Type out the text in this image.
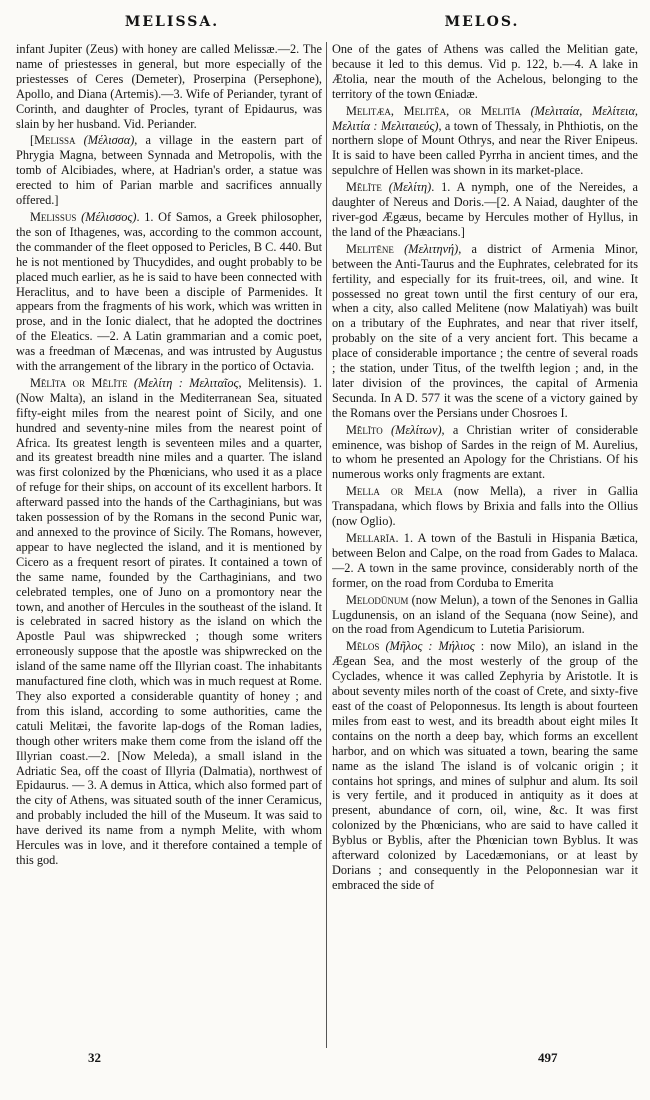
MELISSA.	MELOS.

infant Jupiter (Zeus) with honey are called Melissæ.—2. The name of priestesses in general, but more especially of the priestesses of Ceres (Demeter), Proserpina (Persephone), Apollo, and Diana (Artemis).—3. Wife of Periander, tyrant of Corinth, and daughter of Procles, tyrant of Epidaurus, was slain by her husband. Vid. Periander.

[Melissa (Μέλισσα), a village in the eastern part of Phrygia Magna, between Synnada and Metropolis, with the tomb of Alcibiades, where, at Hadrian's order, a statue was erected to him of Parian marble and sacrifices annually offered.]

Melissus (Μέλισσος). 1. Of Samos, a Greek philosopher, the son of Ithagenes, was, according to the common account, the commander of the fleet opposed to Pericles, B C. 440. But he is not mentioned by Thucydides, and ought probably to be placed much earlier, as he is said to have been connected with Heraclitus, and to have been a disciple of Parmenides. It appears from the fragments of his work, which was written in prose, and in the Ionic dialect, that he adopted the doctrines of the Eleatics. —2. A Latin grammarian and a comic poet, was a freedman of Mæcenas, and was intrusted by Augustus with the arrangement of the library in the portico of Octavia.

Mĕlĭta or Mĕlĭte (Μελίτη : Μελιταῖος, Melitensis). 1. (Now Malta), an island in the Mediterranean Sea, situated fifty-eight miles from the nearest point of Sicily, and one hundred and seventy-nine miles from the nearest point of Africa. Its greatest length is seventeen miles and a quarter, and its greatest breadth nine miles and a quarter. The island was first colonized by the Phœnicians, who used it as a place of refuge for their ships, on account of its excellent harbors. It afterward passed into the hands of the Carthaginians, but was taken possession of by the Romans in the second Punic war, and annexed to the province of Sicily. The Romans, however, appear to have neglected the island, and it is mentioned by Cicero as a frequent resort of pirates. It contained a town of the same name, founded by the Carthaginians, and two celebrated temples, one of Juno on a promontory near the town, and another of Hercules in the southeast of the island. It is celebrated in sacred history as the island on which the Apostle Paul was shipwrecked ; though some writers erroneously suppose that the apostle was shipwrecked on the island of the same name off the Illyrian coast. The inhabitants manufactured fine cloth, which was in much request at Rome. They also exported a considerable quantity of honey ; and from this island, according to some authorities, came the catuli Melitæi, the favorite lap-dogs of the Roman ladies, though other writers make them come from the island off the Illyrian coast.—2. [Now Meleda), a small island in the Adriatic Sea, off the coast of Illyria (Dalmatia), northwest of Epidaurus. — 3. A demus in Attica, which also formed part of the city of Athens, was situated south of the inner Ceramicus, and probably included the hill of the Museum. It was said to have derived its name from a nymph Melite, with whom Hercules was in love, and it therefore contained a temple of this god.

One of the gates of Athens was called the Melitian gate, because it led to this demus. Vid p. 122, b.—4. A lake in Ætolia, near the mouth of the Achelous, belonging to the territory of the town Œniadæ.

Melitæa, Melitēa, or Melitīa (Μελιταία, Μελίτεια, Μελιτία : Μελιταιεύς), a town of Thessaly, in Phthiotis, on the northern slope of Mount Othrys, and near the River Enipeus. It is said to have been called Pyrrha in ancient times, and the sepulchre of Hellen was shown in its market-place.

Mĕlĭte (Μελίτη). 1. A nymph, one of the Nereides, a daughter of Nereus and Doris.—[2. A Naiad, daughter of the river-god Ægæus, became by Hercules mother of Hyllus, in the land of the Phæacians.]

Melitēne (Μελιτηνή), a district of Armenia Minor, between the Anti-Taurus and the Euphrates, celebrated for its fertility, and especially for its fruit-trees, oil, and wine. It possessed no great town until the first century of our era, when a city, also called Melitene (now Malatiyah) was built on a tributary of the Euphrates, and near that river itself, probably on the site of a very ancient fort. This became a place of considerable importance ; the centre of several roads ; the station, under Titus, of the twelfth legion ; and, in the later division of the provinces, the capital of Armenia Secunda. In A D. 577 it was the scene of a victory gained by the Romans over the Persians under Chosroes I.

Mĕlĭto (Μελίτων), a Christian writer of considerable eminence, was bishop of Sardes in the reign of M. Aurelius, to whom he presented an Apology for the Christians. Of his numerous works only fragments are extant.

Mella or Mela (now Mella), a river in Gallia Transpadana, which flows by Brixia and falls into the Ollius (now Oglio).

Mellarĭa. 1. A town of the Bastuli in Hispania Bætica, between Belon and Calpe, on the road from Gades to Malaca.—2. A town in the same province, considerably north of the former, on the road from Corduba to Emerita

Melodūnum (now Melun), a town of the Senones in Gallia Lugdunensis, on an island of the Sequana (now Seine), and on the road from Agendicum to Lutetia Parisiorum.

Mēlos (Μῆλος : Μήλιος : now Milo), an island in the Ægean Sea, and the most westerly of the group of the Cyclades, whence it was called Zephyria by Aristotle. It is about seventy miles north of the coast of Crete, and sixty-five east of the coast of Peloponnesus. Its length is about fourteen miles from east to west, and its breadth about eight miles It contains on the north a deep bay, which forms an excellent harbor, and on which was situated a town, bearing the same name as the island The island is of volcanic origin ; it contains hot springs, and mines of sulphur and alum. Its soil is very fertile, and it produced in antiquity as it does at present, abundance of corn, oil, wine, &c. It was first colonized by the Phœnicians, who are said to have called it Byblus or Byblis, after the Phœnician town Byblus. It was afterward colonized by Lacedæmonians, or at least by Dorians ; and consequently in the Peloponnesian war it embraced the side of

32	497
